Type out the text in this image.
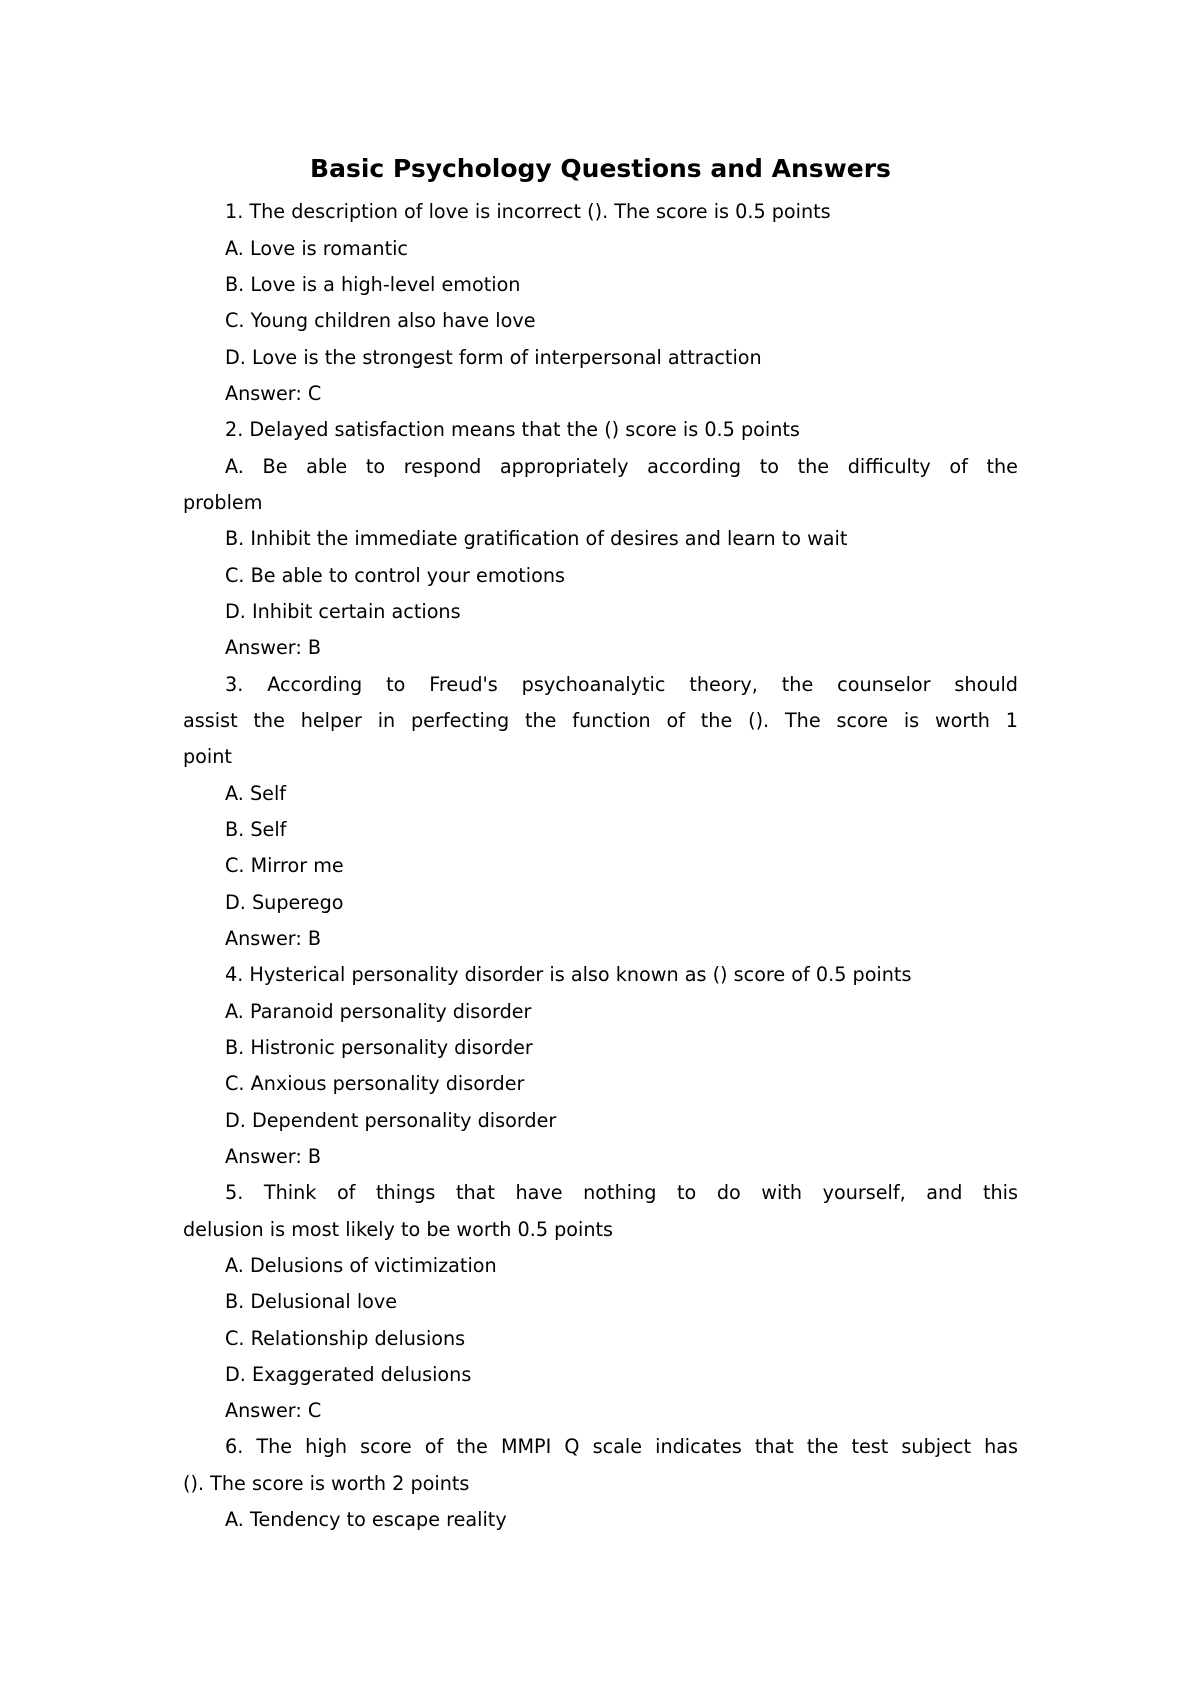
Basic Psychology Questions and Answers
1. The description of love is incorrect (). The score is 0.5 points
A. Love is romantic
B. Love is a high-level emotion
C. Young children also have love
D. Love is the strongest form of interpersonal attraction
Answer: C
2. Delayed satisfaction means that the () score is 0.5 points
A. Be able to respond appropriately according to the difficulty of the
problem
B. Inhibit the immediate gratification of desires and learn to wait
C. Be able to control your emotions
D. Inhibit certain actions
Answer: B
3. According to Freud's psychoanalytic theory, the counselor should
assist the helper in perfecting the function of the (). The score is worth 1
point
A. Self
B. Self
C. Mirror me
D. Superego
Answer: B
4. Hysterical personality disorder is also known as () score of 0.5 points
A. Paranoid personality disorder
B. Histronic personality disorder
C. Anxious personality disorder
D. Dependent personality disorder
Answer: B
5. Think of things that have nothing to do with yourself, and this
delusion is most likely to be worth 0.5 points
A. Delusions of victimization
B. Delusional love
C. Relationship delusions
D. Exaggerated delusions
Answer: C
6. The high score of the MMPI Q scale indicates that the test subject has
(). The score is worth 2 points
A. Tendency to escape reality
